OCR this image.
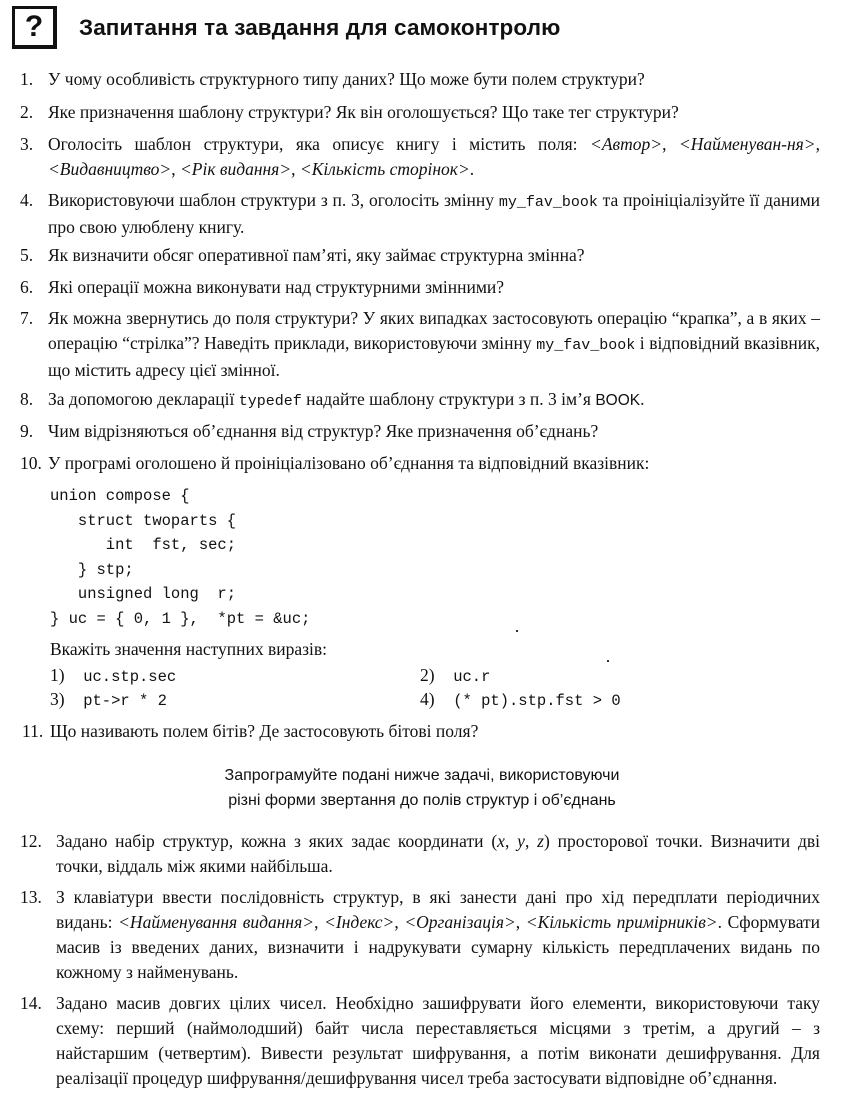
?	Запитання та завдання для самоконтролю
1. У чому особливість структурного типу даних? Що може бути полем структури?
2. Яке призначення шаблону структури? Як він оголошується? Що таке тег структури?
3. Оголосіть шаблон структури, яка описує книгу і містить поля: <Автор>, <Найменуван-ня>, <Видавництво>, <Рік видання>, <Кількість сторінок>.
4. Використовуючи шаблон структури з п. 3, оголосіть змінну my_fav_book та проініціалізуйте її даними про свою улюблену книгу.
5. Як визначити обсяг оперативної пам’яті, яку займає структурна змінна?
6. Які операції можна виконувати над структурними змінними?
7. Як можна звернутись до поля структури? У яких випадках застосовують операцію “крапка”, а в яких – операцію “стрілка”? Наведіть приклади, використовуючи змінну my_fav_book і відповідний вказівник, що містить адресу цієї змінної.
8. За допомогою декларації typedef надайте шаблону структури з п. 3 ім’я BOOK.
9. Чим відрізняються об’єднання від структур? Яке призначення об’єднань?
10. У програмі оголошено й проініціалізовано об’єднання та відповідний вказівник:
union compose {
struct twoparts {
int  fst, sec;
} stp;
unsigned long  r;
} uc = { 0, 1 },  *pt = &uc;
Вкажіть значення наступних виразів:
1) uc.stp.sec	2) uc.r
3) pt->r * 2	4) (* pt).stp.fst > 0
11. Що називають полем бітів? Де застосовують бітові поля?
Запрограмуйте подані нижче задачі, використовуючи
різні форми звертання до полів структур і об’єднань
12. Задано набір структур, кожна з яких задає координати (x, y, z) просторової точки. Визначити дві точки, віддаль між якими найбільша.
13. З клавіатури ввести послідовність структур, в які занести дані про хід передплати періодичних видань: <Найменування видання>, <Індекс>, <Організація>, <Кількість примірників>. Сформувати масив із введених даних, визначити і надрукувати сумарну кількість передплачених видань по кожному з найменувань.
14. Задано масив довгих цілих чисел. Необхідно зашифрувати його елементи, використовуючи таку схему: перший (наймолодший) байт числа переставляється місцями з третім, а другий – з найстаршим (четвертим). Вивести результат шифрування, а потім виконати дешифрування. Для реалізації процедур шифрування/дешифрування чисел треба застосувати відповідне об’єднання.
